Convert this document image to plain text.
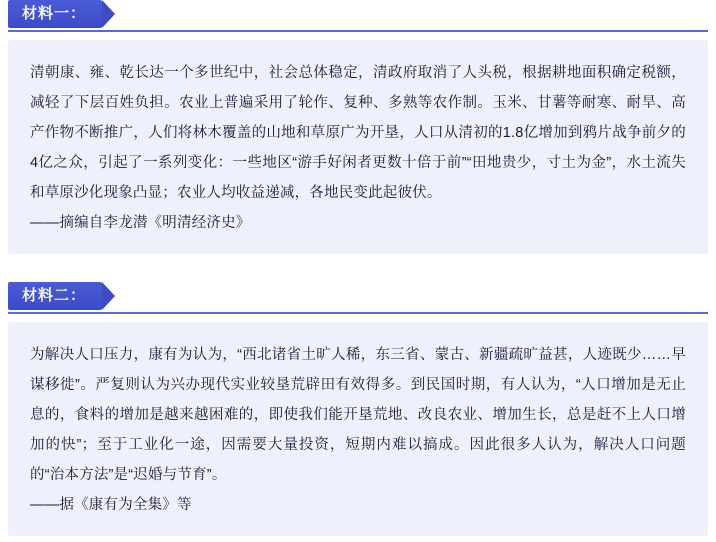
材料一：

清朝康、雍、乾长达一个多世纪中，社会总体稳定，清政府取消了人头税，根据耕地面积确定税额，减轻了下层百姓负担。农业上普遍采用了轮作、复种、多熟等农作制。玉米、甘薯等耐寒、耐旱、高产作物不断推广，人们将林木覆盖的山地和草原广为开垦，人口从清初的1.8亿增加到鸦片战争前夕的4亿之众，引起了一系列变化：一些地区“游手好闲者更数十倍于前”“田地贵少，寸土为金”，水土流失和草原沙化现象凸显；农业人均收益递减，各地民变此起彼伏。

——摘编自李龙潜《明清经济史》

材料二：

为解决人口压力，康有为认为，“西北诸省土旷人稀，东三省、蒙古、新疆疏旷益甚，人迹既少……早谋移徙”。严复则认为兴办现代实业较垦荒辟田有效得多。到民国时期，有人认为，“人口增加是无止息的，食料的增加是越来越困难的，即使我们能开垦荒地、改良农业、增加生长，总是赶不上人口增加的快”；至于工业化一途，因需要大量投资，短期内难以搞成。因此很多人认为，解决人口问题的“治本方法”是“迟婚与节育”。

——据《康有为全集》等
